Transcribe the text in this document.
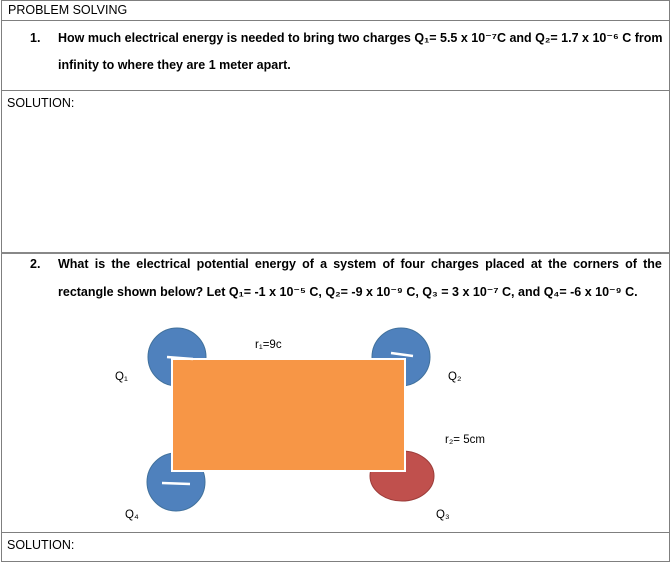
PROBLEM SOLVING
1. How much electrical energy is needed to bring two charges Q₁= 5.5 x 10⁻⁷C and Q₂= 1.7 x 10⁻⁶ C from
infinity to where they are 1 meter apart.
SOLUTION:
2. What is the electrical potential energy of a system of four charges placed at the corners of the
rectangle shown below? Let Q₁= -1 x 10⁻⁵ C, Q₂= -9 x 10⁻⁹ C, Q₃ = 3 x 10⁻⁷ C, and Q₄= -6 x 10⁻⁹ C.
r₁=9c
Q₁	Q₂
r₂= 5cm
Q₄	Q₃
SOLUTION:
